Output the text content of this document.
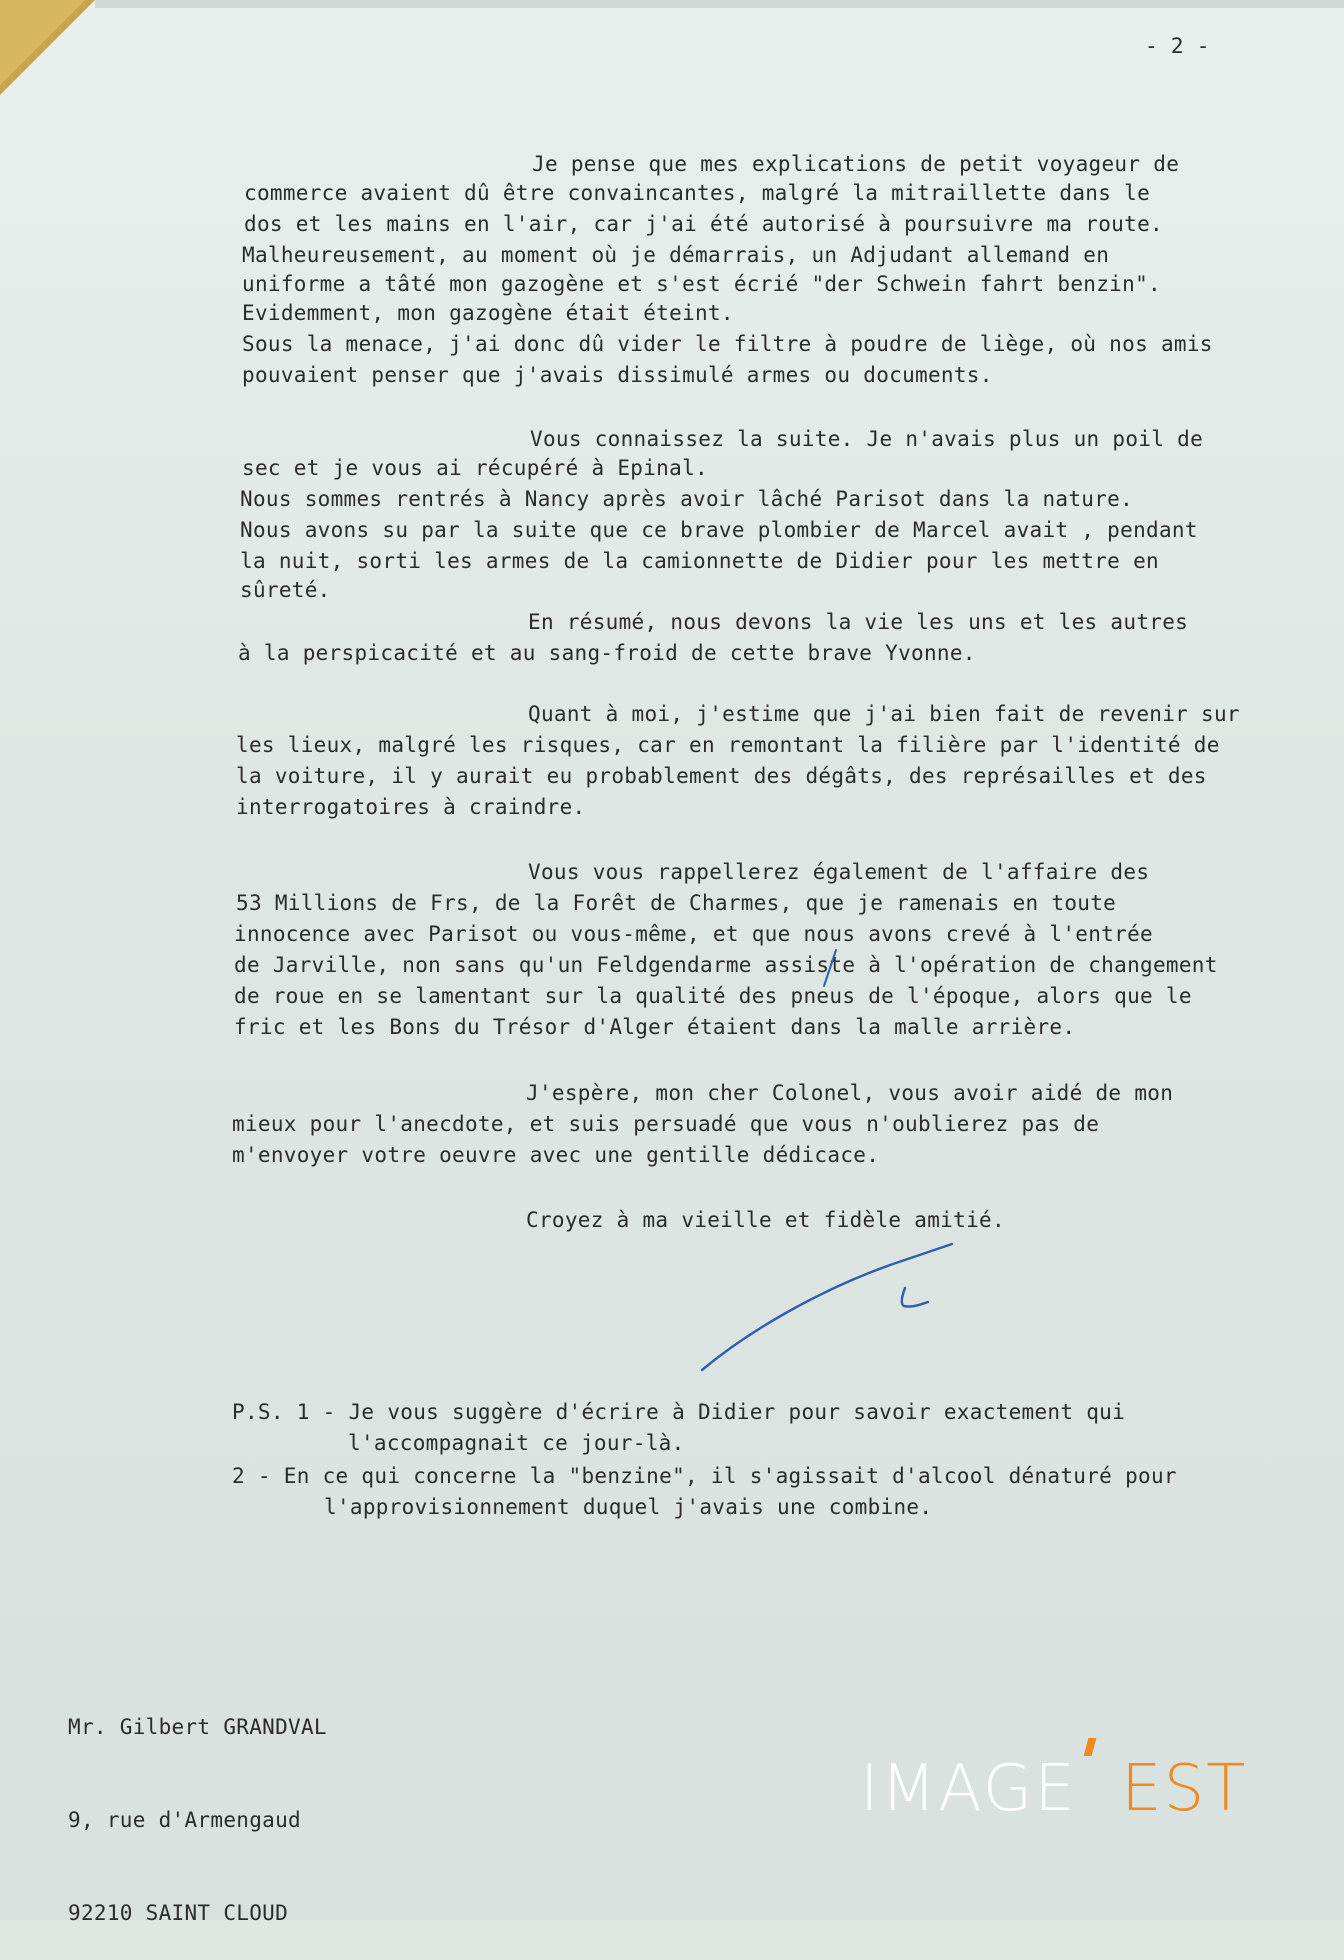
- 2 -

Je pense que mes explications de petit voyageur de

commerce avaient dû être convaincantes, malgré la mitraillette dans le

dos et les mains en l'air, car j'ai été autorisé à poursuivre ma route.

Malheureusement, au moment où je démarrais, un Adjudant allemand en

uniforme a tâté mon gazogène et s'est écrié "der Schwein fahrt benzin".

Evidemment, mon gazogène était éteint.

Sous la menace, j'ai donc dû vider le filtre à poudre de liège, où nos amis

pouvaient penser que j'avais dissimulé armes ou documents.

Vous connaissez la suite. Je n'avais plus un poil de

sec et je vous ai récupéré à Epinal.

Nous sommes rentrés à Nancy après avoir lâché Parisot dans la nature.

Nous avons su par la suite que ce brave plombier de Marcel avait , pendant

la nuit, sorti les armes de la camionnette de Didier pour les mettre en

sûreté.

En résumé, nous devons la vie les uns et les autres

à la perspicacité et au sang-froid de cette brave Yvonne.

Quant à moi, j'estime que j'ai bien fait de revenir sur

les lieux, malgré les risques, car en remontant la filière par l'identité de

la voiture, il y aurait eu probablement des dégâts, des représailles et des

interrogatoires à craindre.

Vous vous rappellerez également de l'affaire des

53 Millions de Frs, de la Forêt de Charmes, que je ramenais en toute

innocence avec Parisot ou vous-même, et que nous avons crevé à l'entrée

de Jarville, non sans qu'un Feldgendarme assiste à l'opération de changement

de roue en se lamentant sur la qualité des pneus de l'époque, alors que le

fric et les Bons du Trésor d'Alger étaient dans la malle arrière.

J'espère, mon cher Colonel, vous avoir aidé de mon

mieux pour l'anecdote, et suis persuadé que vous n'oublierez pas de

m'envoyer votre oeuvre avec une gentille dédicace.

Croyez à ma vieille et fidèle amitié.

P.S. 1 - Je vous suggère d'écrire à Didier pour savoir exactement qui

l'accompagnait ce jour-là.

2 - En ce qui concerne la "benzine", il s'agissait d'alcool dénaturé pour

l'approvisionnement duquel j'avais une combine.

Mr. Gilbert GRANDVAL

9, rue d'Armengaud

92210 SAINT CLOUD

IMAGE EST
